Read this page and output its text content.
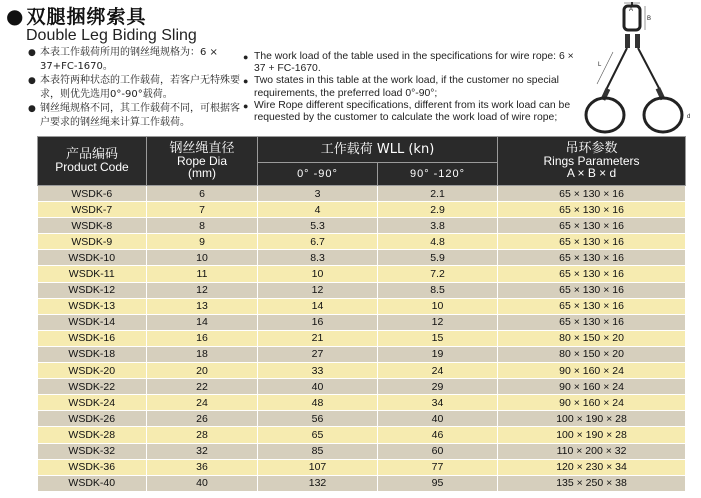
● 双腿捆绑索具
Double Leg Biding Sling
● 本表工作载荷所用的钢丝绳规格为：6 × 37+FC-1670。
● 本表符两种状态的工作载荷，若客户无特殊要求，则优先选用0°-90°载荷。
● 钢丝绳规格不同，其工作载荷不同，可根据客户要求的钢丝绳来计算工作载荷。
● The work load of the table used in the specifications for wire rope: 6 × 37 + FC-1670.
● Two states in this table at the work load, if the customer no special requirements, the preferred load 0°-90°;
● Wire Rope different specifications, different from its work load can be requested by the customer to calculate the work load of wire rope;
A
B
L
d
产品编码
Product Code	钢丝绳直径
Rope Dia
(mm)	工作载荷 WLL (kn)		吊环参数
Rings Parameters
A × B × d

		0° -90°	90° -120°	
WSDK-6	6	3	2.1	65 × 130 × 16
WSDK-7	7	4	2.9	65 × 130 × 16
WSDK-8	8	5.3	3.8	65 × 130 × 16
WSDK-9	9	6.7	4.8	65 × 130 × 16
WSDK-10	10	8.3	5.9	65 × 130 × 16
WSDK-11	11	10	7.2	65 × 130 × 16
WSDK-12	12	12	8.5	65 × 130 × 16
WSDK-13	13	14	10	65 × 130 × 16
WSDK-14	14	16	12	65 × 130 × 16
WSDK-16	16	21	15	80 × 150 × 20
WSDK-18	18	27	19	80 × 150 × 20
WSDK-20	20	33	24	90 × 160 × 24
WSDK-22	22	40	29	90 × 160 × 24
WSDK-24	24	48	34	90 × 160 × 24
WSDK-26	26	56	40	100 × 190 × 28
WSDK-28	28	65	46	100 × 190 × 28
WSDK-32	32	85	60	110 × 200 × 32
WSDK-36	36	107	77	120 × 230 × 34
WSDK-40	40	132	95	135 × 250 × 38
